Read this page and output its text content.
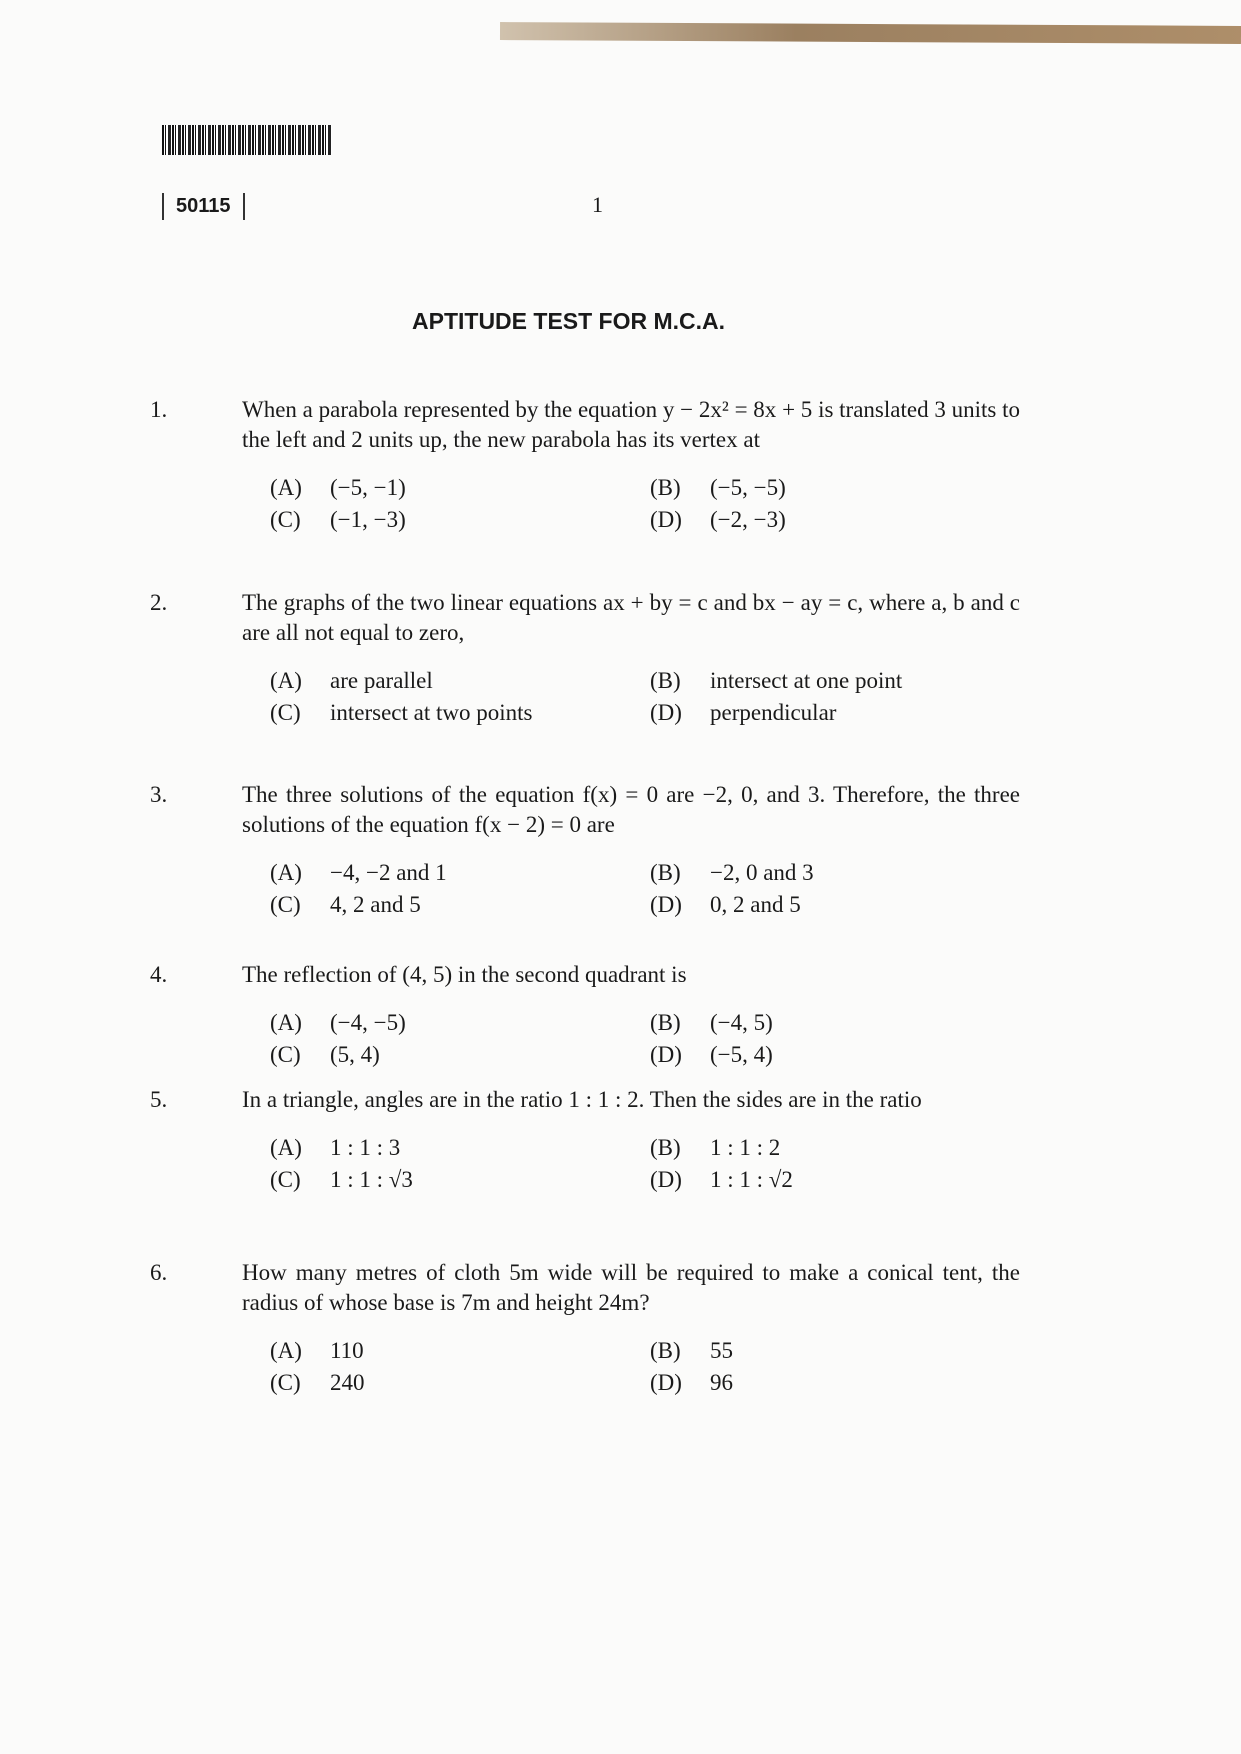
50115	1
APTITUDE TEST FOR M.C.A.
1.	When a parabola represented by the equation y − 2x² = 8x + 5 is translated 3 units to the left and 2 units up, the new parabola has its vertex at
(A) (−5, −1)	(B) (−5, −5)
(C) (−1, −3)	(D) (−2, −3)
2.	The graphs of the two linear equations ax + by = c and bx − ay = c, where a, b and c are all not equal to zero,
(A) are parallel	(B) intersect at one point
(C) intersect at two points	(D) perpendicular
3.	The three solutions of the equation f(x) = 0 are −2, 0, and 3. Therefore, the three solutions of the equation f(x − 2) = 0 are
(A) −4, −2 and 1	(B) −2, 0 and 3
(C) 4, 2 and 5	(D) 0, 2 and 5
4.	The reflection of (4, 5) in the second quadrant is
(A) (−4, −5)	(B) (−4, 5)
(C) (5, 4)	(D) (−5, 4)
5.	In a triangle, angles are in the ratio 1 : 1 : 2. Then the sides are in the ratio
(A) 1 : 1 : 3	(B) 1 : 1 : 2
(C) 1 : 1 : √3	(D) 1 : 1 : √2
6.	How many metres of cloth 5m wide will be required to make a conical tent, the radius of whose base is 7m and height 24m?
(A) 110	(B) 55
(C) 240	(D) 96
